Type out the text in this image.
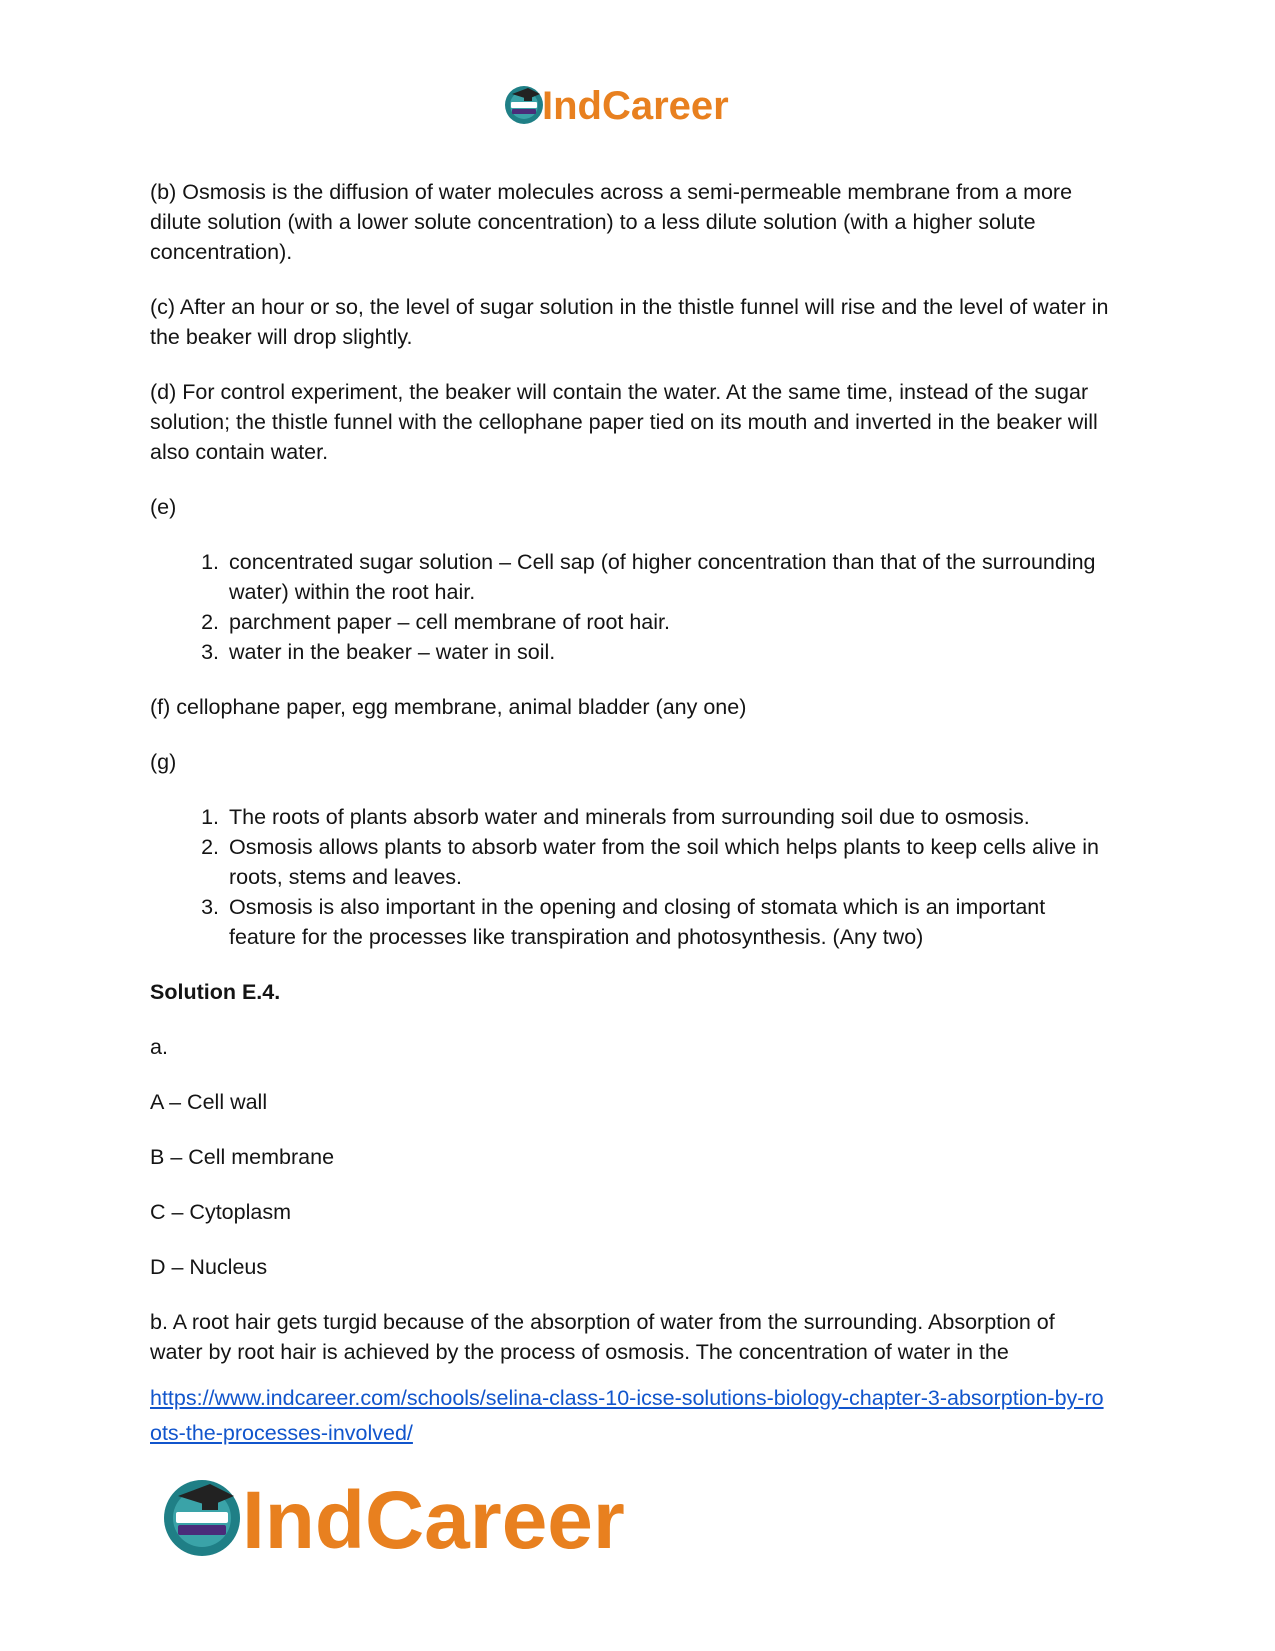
IndCareer

(b) Osmosis is the diffusion of water molecules across a semi-permeable membrane from a more dilute solution (with a lower solute concentration) to a less dilute solution (with a higher solute concentration).

(c) After an hour or so, the level of sugar solution in the thistle funnel will rise and the level of water in the beaker will drop slightly.

(d) For control experiment, the beaker will contain the water. At the same time, instead of the sugar solution; the thistle funnel with the cellophane paper tied on its mouth and inverted in the beaker will also contain water.

(e)

1. concentrated sugar solution – Cell sap (of higher concentration than that of the surrounding water) within the root hair.
2. parchment paper – cell membrane of root hair.
3. water in the beaker – water in soil.

(f) cellophane paper, egg membrane, animal bladder (any one)

(g)

1. The roots of plants absorb water and minerals from surrounding soil due to osmosis.
2. Osmosis allows plants to absorb water from the soil which helps plants to keep cells alive in roots, stems and leaves.
3. Osmosis is also important in the opening and closing of stomata which is an important feature for the processes like transpiration and photosynthesis. (Any two)

Solution E.4.

a.

A – Cell wall

B – Cell membrane

C – Cytoplasm

D – Nucleus

b. A root hair gets turgid because of the absorption of water from the surrounding. Absorption of water by root hair is achieved by the process of osmosis. The concentration of water in the

https://www.indcareer.com/schools/selina-class-10-icse-solutions-biology-chapter-3-absorption-by-roots-the-processes-involved/
IndCareer
